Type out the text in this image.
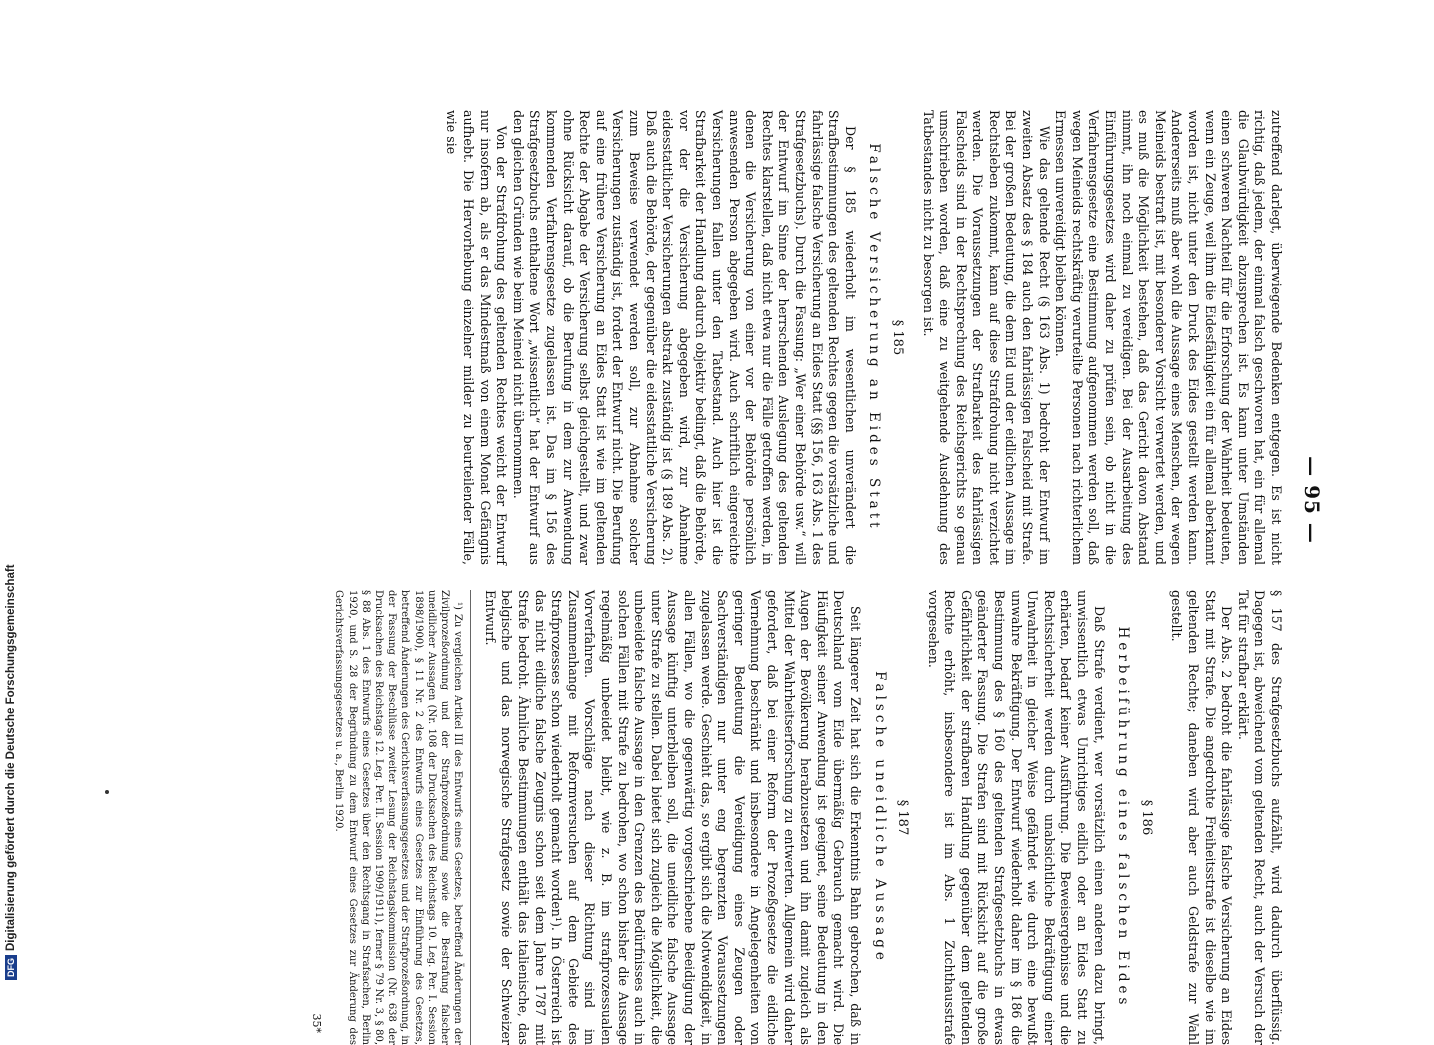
— 95 —

zutreffend darlegt, überwiegende Bedenken entgegen. Es ist nicht richtig, daß jedem, der einmal falsch geschworen hat, ein für allemal die Glaubwürdigkeit abzusprechen ist. Es kann unter Umständen einen schweren Nachteil für die Erforschung der Wahrheit bedeuten, wenn ein Zeuge, weil ihm die Eidesfähigkeit ein für allemal aberkannt worden ist, nicht unter den Druck des Eides gestellt werden kann. Andererseits muß aber wohl die Aussage eines Menschen, der wegen Meineids bestraft ist, mit besonderer Vorsicht verwertet werden, und es muß die Möglichkeit bestehen, daß das Gericht davon Abstand nimmt, ihn noch einmal zu vereidigen. Bei der Ausarbeitung des Einführungsgesetzes wird daher zu prüfen sein, ob nicht in die Verfahrensgesetze eine Bestimmung aufgenommen werden soll, daß wegen Meineids rechtskräftig verurteilte Personen nach richterlichem Ermessen unvereidigt bleiben können.

Wie das geltende Recht (§ 163 Abs. 1) bedroht der Entwurf im zweiten Absatz des § 184 auch den fahrlässigen Falscheid mit Strafe. Bei der großen Bedeutung, die dem Eid und der eidlichen Aussage im Rechtsleben zukommt, kann auf diese Strafdrohung nicht verzichtet werden. Die Voraussetzungen der Strafbarkeit des fahrlässigen Falscheids sind in der Rechtsprechung des Reichsgerichts so genau umschrieben worden, daß eine zu weitgehende Ausdehnung des Tatbestandes nicht zu besorgen ist.

§ 185
Falsche Versicherung an Eides Statt

Der § 185 wiederholt im wesentlichen unverändert die Strafbestimmungen des geltenden Rechtes gegen die vorsätzliche und fahrlässige falsche Versicherung an Eides Statt (§§ 156, 163 Abs. 1 des Strafgesetzbuchs). Durch die Fassung: „Wer einer Behörde usw.“ will der Entwurf im Sinne der herrschenden Auslegung des geltenden Rechtes klarstellen, daß nicht etwa nur die Fälle getroffen werden, in denen die Versicherung von einer vor der Behörde persönlich anwesenden Person abgegeben wird. Auch schriftlich eingereichte Versicherungen fallen unter den Tatbestand. Auch hier ist die Strafbarkeit der Handlung dadurch objektiv bedingt, daß die Behörde, vor der die Versicherung abgegeben wird, zur Abnahme eidesstattlicher Versicherungen abstrakt zuständig ist (§ 189 Abs. 2). Daß auch die Behörde, der gegenüber die eidesstattliche Versicherung zum Beweise verwendet werden soll, zur Abnahme solcher Versicherungen zuständig ist, fordert der Entwurf nicht. Die Berufung auf eine frühere Versicherung an Eides Statt ist wie im geltenden Rechte der Abgabe der Versicherung selbst gleichgestellt, und zwar ohne Rücksicht darauf, ob die Berufung in dem zur Anwendung kommenden Verfahrensgesetze zugelassen ist. Das im § 156 des Strafgesetzbuchs enthaltene Wort „wissentlich“ hat der Entwurf aus den gleichen Gründen wie beim Meineid nicht übernommen.

Von der Strafdrohung des geltenden Rechtes weicht der Entwurf nur insofern ab, als er das Mindestmaß von einem Monat Gefängnis aufhebt. Die Hervorhebung einzelner milder zu beurteilender Fälle, wie sie

§ 157 des Strafgesetzbuchs aufzählt, wird dadurch überflüssig. Dagegen ist, abweichend vom geltenden Recht, auch der Versuch der Tat für strafbar erklärt.

Der Abs. 2 bedroht die fahrlässige falsche Versicherung an Eides Statt mit Strafe. Die angedrohte Freiheitsstrafe ist dieselbe wie im geltenden Rechte; daneben wird aber auch Geldstrafe zur Wahl gestellt.

§ 186
Herbeiführung eines falschen Eides

Daß Strafe verdient, wer vorsätzlich einen anderen dazu bringt, unwissentlich etwas Unrichtiges eidlich oder an Eides Statt zu erhärten, bedarf keiner Ausführung. Die Beweisergebnisse und die Rechtssicherheit werden durch unabsichtliche Bekräftigung einer Unwahrheit in gleicher Weise gefährdet wie durch eine bewußt unwahre Bekräftigung. Der Entwurf wiederholt daher im § 186 die Bestimmung des § 160 des geltenden Strafgesetzbuchs in etwas geänderter Fassung. Die Strafen sind mit Rücksicht auf die große Gefährlichkeit der strafbaren Handlung gegenüber dem geltenden Rechte erhöht, insbesondere ist im Abs. 1 Zuchthausstrafe vorgesehen.

§ 187
Falsche uneidliche Aussage

Seit längerer Zeit hat sich die Erkenntnis Bahn gebrochen, daß in Deutschland vom Eide übermäßig Gebrauch gemacht wird. Die Häufigkeit seiner Anwendung ist geeignet, seine Bedeutung in den Augen der Bevölkerung herabzusetzen und ihn damit zugleich als Mittel der Wahrheitserforschung zu entwerten. Allgemein wird daher gefordert, daß bei einer Reform der Prozeßgesetze die eidliche Vernehmung beschränkt und insbesondere in Angelegenheiten von geringer Bedeutung die Vereidigung eines Zeugen oder Sachverständigen nur unter eng begrenzten Voraussetzungen zugelassen werde. Geschieht das, so ergibt sich die Notwendigkeit, in allen Fällen, wo die gegenwärtig vorgeschriebene Beeidigung der Aussage künftig unterbleiben soll, die uneidliche falsche Aussage unter Strafe zu stellen. Dabei bietet sich zugleich die Möglichkeit, die unbeeidete falsche Aussage in den Grenzen des Bedürfnisses auch in solchen Fällen mit Strafe zu bedrohen, wo schon bisher die Aussage regelmäßig unbeeidet bleibt, wie z. B. im strafprozessualen Vorverfahren. Vorschläge nach dieser Richtung sind im Zusammenhange mit Reformversuchen auf dem Gebiete des Strafprozesses schon wiederholt gemacht worden¹). In Österreich ist das nicht eidliche falsche Zeugnis schon seit dem Jahre 1787 mit Strafe bedroht. Ähnliche Bestimmungen enthält das italienische, das belgische und das norwegische Strafgesetz sowie der Schweizer Entwurf.

¹) Zu vergleichen Artikel III des Entwurfs eines Gesetzes, betreffend Änderungen der Zivilprozeßordnung und der Strafprozeßordnung sowie die Bestrafung falscher uneidlicher Aussagen (Nr. 108 der Drucksachen des Reichstags 10. Leg. Per. I. Session 1898/1900), § 11 Nr. 2 des Entwurfs eines Gesetzes zur Einführung des Gesetzes, betreffend Änderungen des Gerichtsverfassungsgesetzes und der Strafprozeßordnung, in der Fassung der Beschlüsse zweiter Lesung der Reichstagskommission (Nr. 638 der Drucksachen des Reichstags 12. Leg. Per. II. Session 1909/1911), ferner § 79 Nr. 3, § 80, § 88 Abs. 1 des Entwurfs eines Gesetzes über den Rechtsgang in Strafsachen, Berlin 1920, und S. 28 der Begründung zu dem Entwurf eines Gesetzes zur Änderung des Gerichtsverfassungsgesetzes u. a., Berlin 1920.

35*
DFGDigitalisierung gefördert durch die Deutsche Forschungsgemeinschaft
